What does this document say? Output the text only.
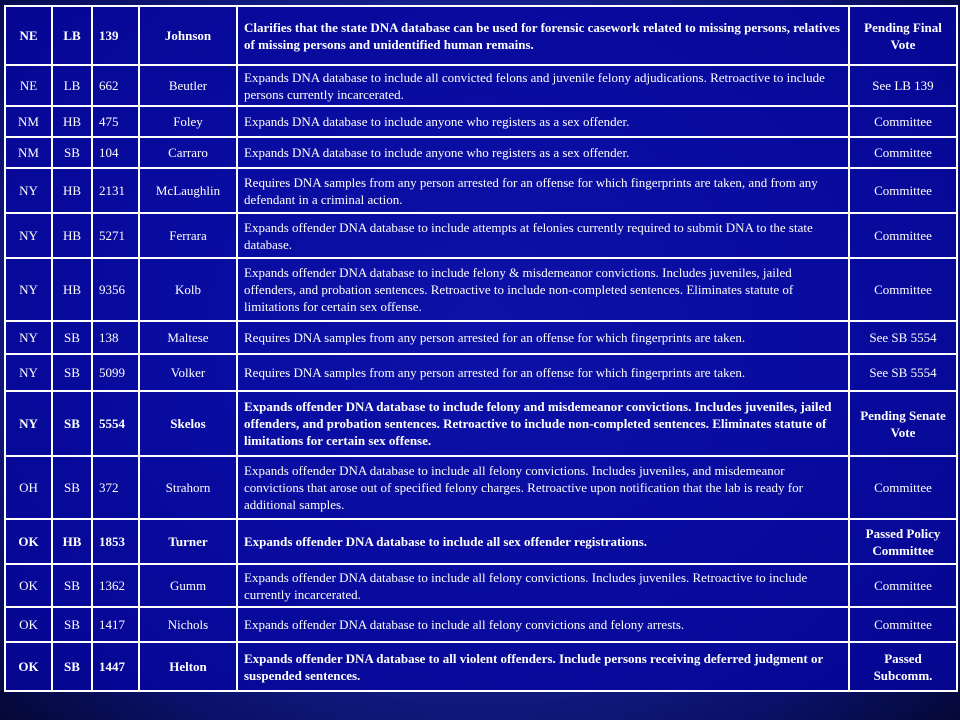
NE	LB	139	Johnson	Clarifies that the state DNA database can be used for forensic casework related to missing persons, relatives of missing persons and unidentified human remains.	Pending Final Vote
NE	LB	662	Beutler	Expands DNA database to include all convicted felons and juvenile felony adjudications. Retroactive to include persons currently incarcerated.	See LB 139
NM	HB	475	Foley	Expands DNA database to include anyone who registers as a sex offender.	Committee
NM	SB	104	Carraro	Expands DNA database to include anyone who registers as a sex offender.	Committee
NY	HB	2131	McLaughlin	Requires DNA samples from any person arrested for an offense for which fingerprints are taken, and from any defendant in a criminal action.	Committee
NY	HB	5271	Ferrara	Expands offender DNA database to include attempts at felonies currently required to submit DNA to the state database.	Committee
NY	HB	9356	Kolb	Expands offender DNA database to include felony & misdemeanor convictions. Includes juveniles, jailed offenders, and probation sentences. Retroactive to include non-completed sentences. Eliminates statute of limitations for certain sex offense.	Committee
NY	SB	138	Maltese	Requires DNA samples from any person arrested for an offense for which fingerprints are taken.	See SB 5554
NY	SB	5099	Volker	Requires DNA samples from any person arrested for an offense for which fingerprints are taken.	See SB 5554
NY	SB	5554	Skelos	Expands offender DNA database to include felony and misdemeanor convictions. Includes juveniles, jailed offenders, and probation sentences. Retroactive to include non-completed sentences. Eliminates statute of limitations for certain sex offense.	Pending Senate Vote
OH	SB	372	Strahorn	Expands offender DNA database to include all felony convictions. Includes juveniles, and misdemeanor convictions that arose out of specified felony charges. Retroactive upon notification that the lab is ready for additional samples.	Committee
OK	HB	1853	Turner	Expands offender DNA database to include all sex offender registrations.	Passed Policy Committee
OK	SB	1362	Gumm	Expands offender DNA database to include all felony convictions. Includes juveniles. Retroactive to include currently incarcerated.	Committee
OK	SB	1417	Nichols	Expands offender DNA database to include all felony convictions and felony arrests.	Committee
OK	SB	1447	Helton	Expands offender DNA database to all violent offenders. Include persons receiving deferred judgment or suspended sentences.	Passed Subcomm.
